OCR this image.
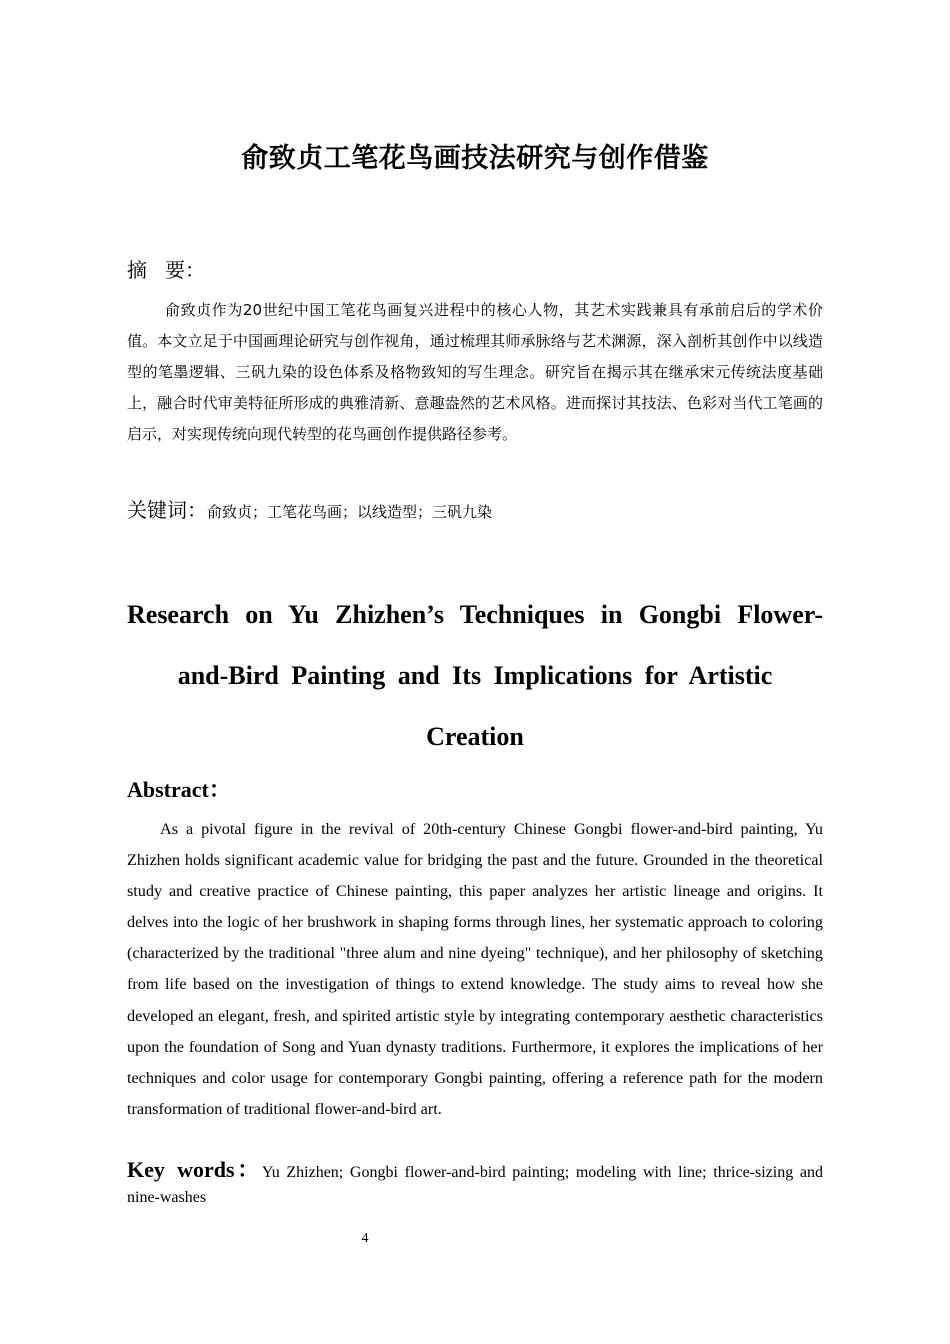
俞致贞工笔花鸟画技法研究与创作借鉴
摘 要：
俞致贞作为20世纪中国工笔花鸟画复兴进程中的核心人物，其艺术实践兼具有承前启后的学术价值。本文立足于中国画理论研究与创作视角，通过梳理其师承脉络与艺术渊源，深入剖析其创作中以线造型的笔墨逻辑、三矾九染的设色体系及格物致知的写生理念。研究旨在揭示其在继承宋元传统法度基础上，融合时代审美特征所形成的典雅清新、意趣盎然的艺术风格。进而探讨其技法、色彩对当代工笔画的启示，对实现传统向现代转型的花鸟画创作提供路径参考。
关键词：俞致贞；工笔花鸟画；以线造型；三矾九染
Research on Yu Zhizhen’s Techniques in Gongbi Flower-
and-Bird Painting and Its Implications for Artistic
Creation
Abstract：
As a pivotal figure in the revival of 20th-century Chinese Gongbi flower-and-bird painting, Yu Zhizhen holds significant academic value for bridging the past and the future. Grounded in the theoretical study and creative practice of Chinese painting, this paper analyzes her artistic lineage and origins. It delves into the logic of her brushwork in shaping forms through lines, her systematic approach to coloring (characterized by the traditional "three alum and nine dyeing" technique), and her philosophy of sketching from life based on the investigation of things to extend knowledge. The study aims to reveal how she developed an elegant, fresh, and spirited artistic style by integrating contemporary aesthetic characteristics upon the foundation of Song and Yuan dynasty traditions. Furthermore, it explores the implications of her techniques and color usage for contemporary Gongbi painting, offering a reference path for the modern transformation of traditional flower-and-bird art.
Key words：Yu Zhizhen; Gongbi flower-and-bird painting; modeling with line; thrice-sizing and nine-washes
4
